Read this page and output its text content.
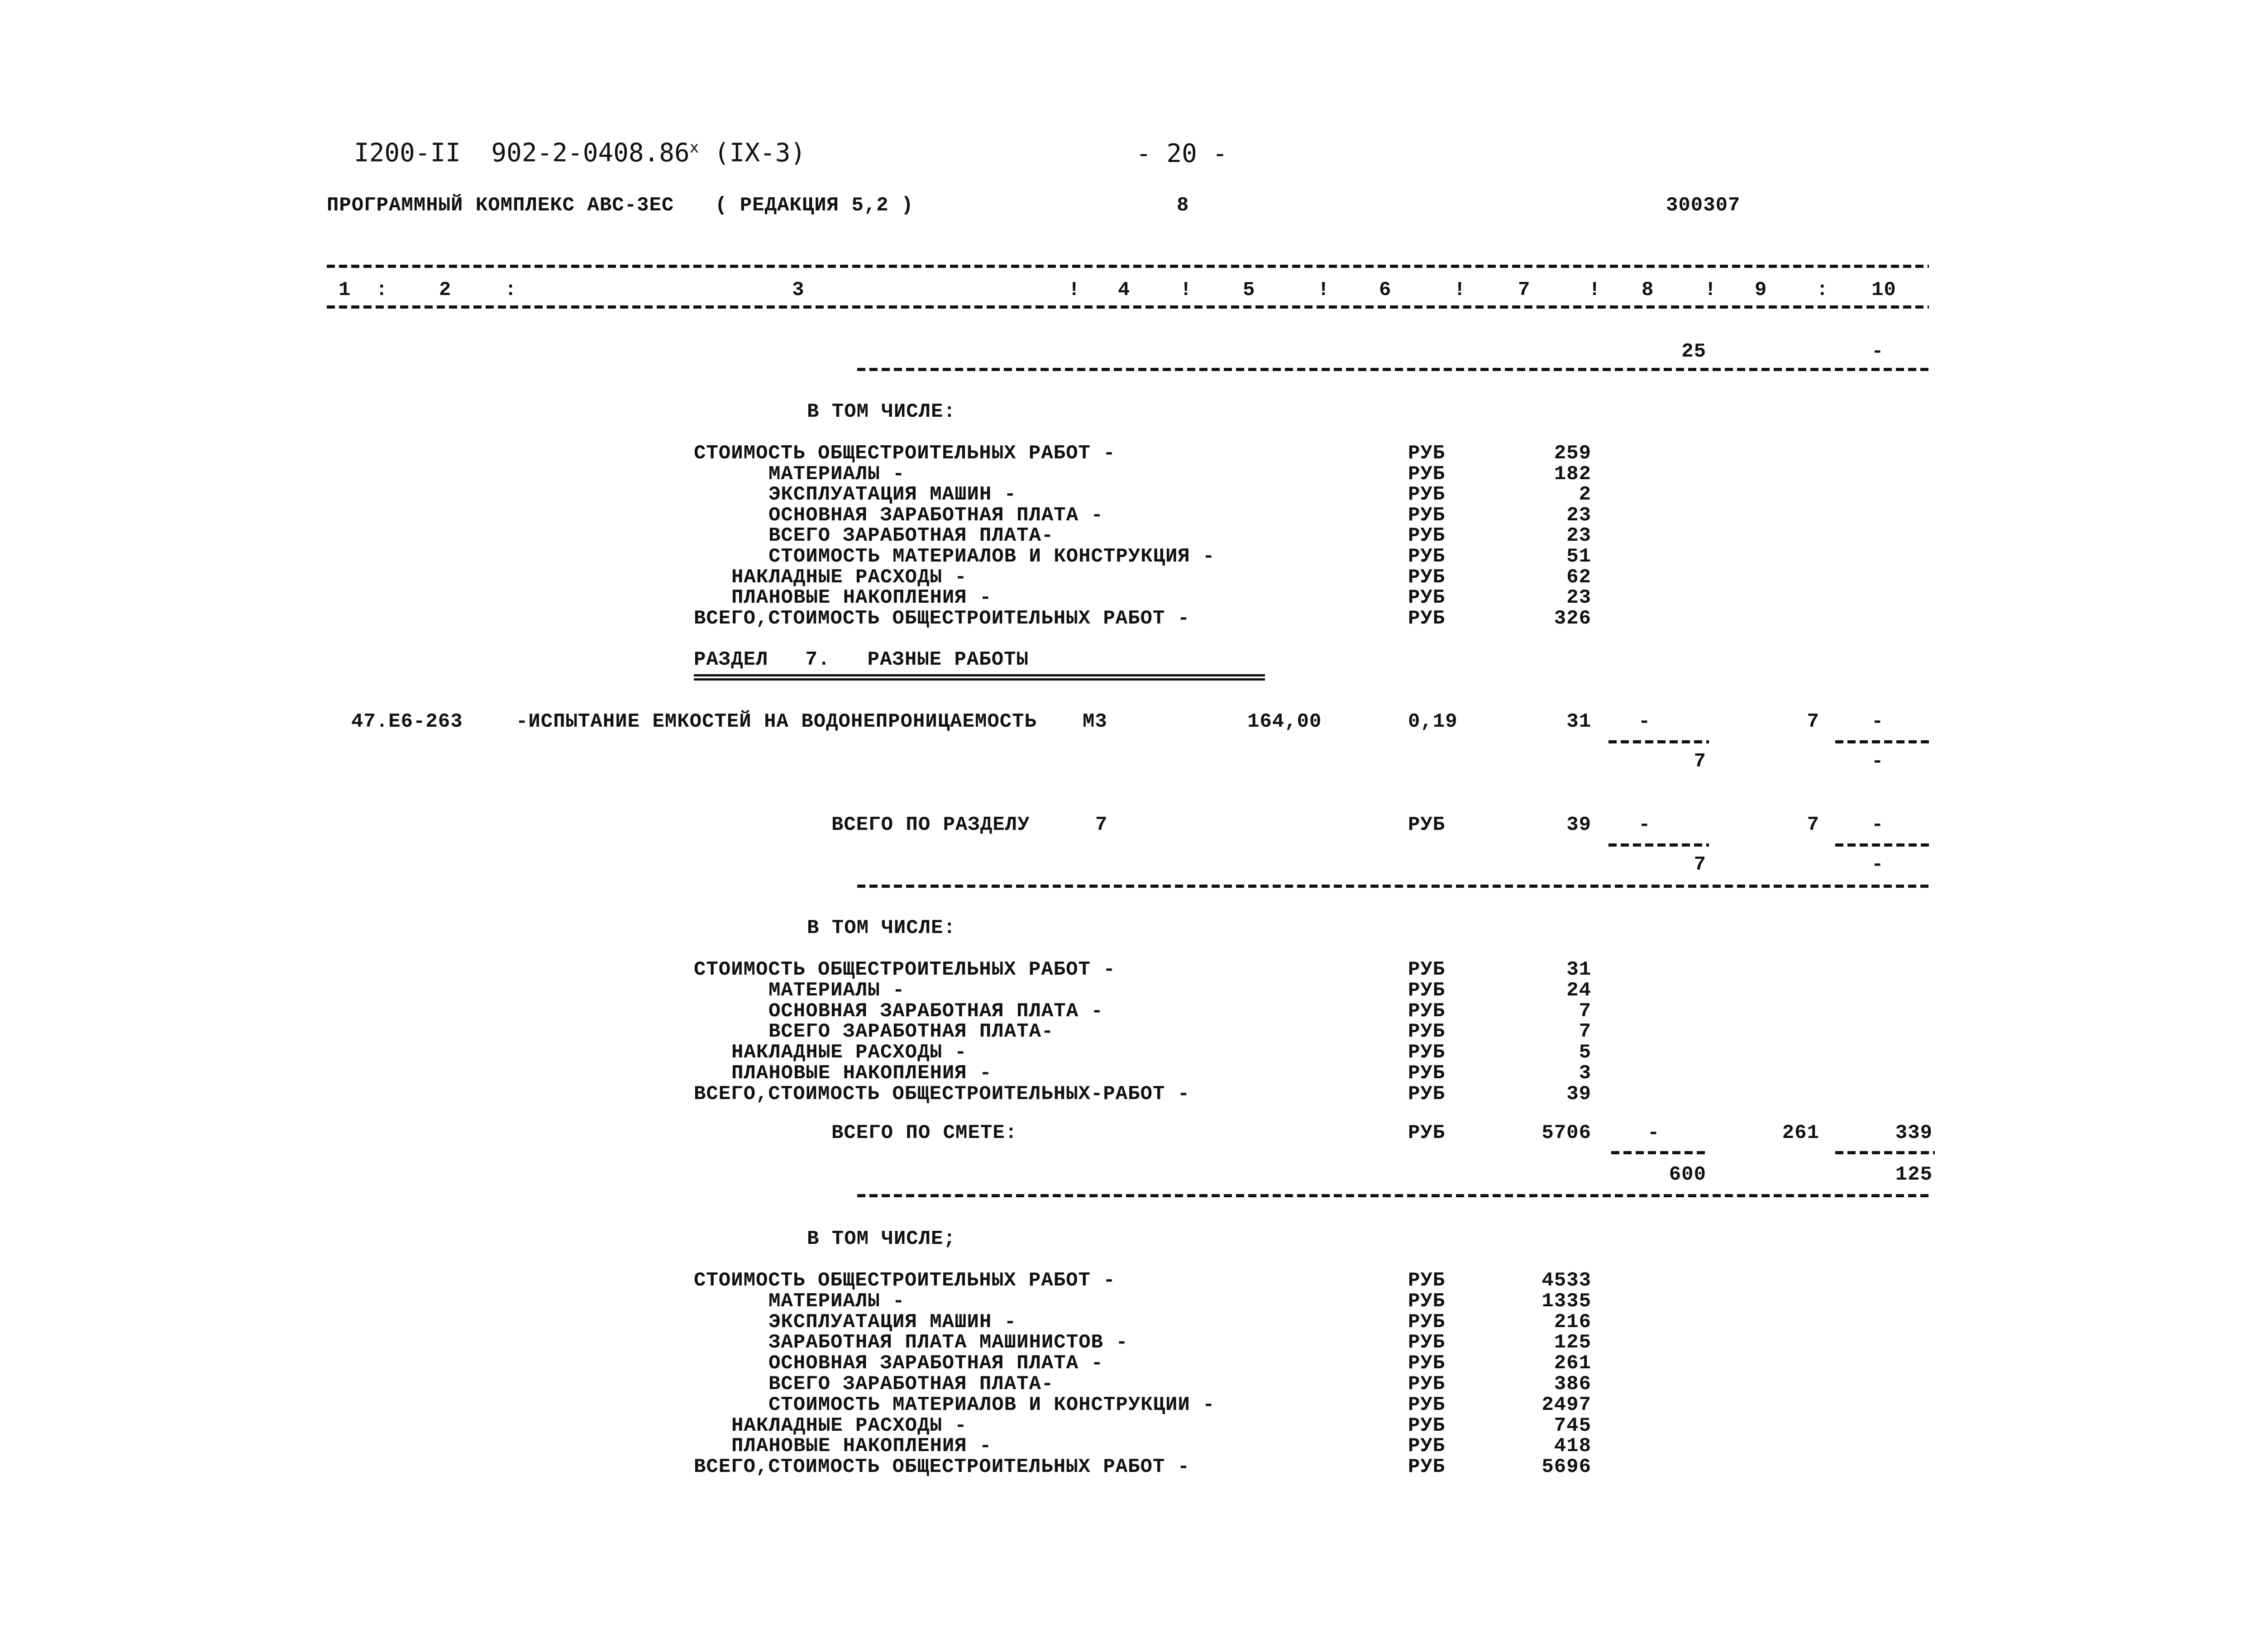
I200-II  902-2-0408.86$^x$ (IX-3)	- 20 -
ПРОГРАММНЫЙ КОМПЛЕКС АВС-3ЕС ( РЕДАКЦИЯ 5,2 )	8	300307
1 :	2	:	3	! 4 !	5	! 6	!	7	! 8	! 9 : 10
25	-
В ТОМ ЧИСЛЕ:
СТОИМОСТЬ ОБЩЕСТРОИТЕЛЬНЫХ РАБОТ -	РУБ	259
МАТЕРИАЛЫ -	РУБ	182
ЭКСПЛУАТАЦИЯ МАШИН -	РУБ	2
ОСНОВНАЯ ЗАРАБОТНАЯ ПЛАТА -	РУБ	23
ВСЕГО ЗАРАБОТНАЯ ПЛАТА-	РУБ	23
СТОИМОСТЬ МАТЕРИАЛОВ И КОНСТРУКЦИЯ -	РУБ	51
НАКЛАДНЫЕ РАСХОДЫ -	РУБ	62
ПЛАНОВЫЕ НАКОПЛЕНИЯ -	РУБ	23
ВСЕГО,СТОИМОСТЬ ОБЩЕСТРОИТЕЛЬНЫХ РАБОТ -	РУБ	326
РАЗДЕЛ   7.   РАЗНЫЕ РАБОТЫ
47.Е6-263	-ИСПЫТАНИЕ ЕМКОСТЕЙ НА ВОДОНЕПРОНИЦАЕМОСТЬ М3	164,00	0,19	31 -	7	-
7	-
ВСЕГО ПО РАЗДЕЛУ	7	РУБ	39 -	7	-
7	-
В ТОМ ЧИСЛЕ:
СТОИМОСТЬ ОБЩЕСТРОИТЕЛЬНЫХ РАБОТ -	РУБ	31
МАТЕРИАЛЫ -	РУБ	24
ОСНОВНАЯ ЗАРАБОТНАЯ ПЛАТА -	РУБ	7
ВСЕГО ЗАРАБОТНАЯ ПЛАТА-	РУБ	7
НАКЛАДНЫЕ РАСХОДЫ -	РУБ	5
ПЛАНОВЫЕ НАКОПЛЕНИЯ -	РУБ	3
ВСЕГО,СТОИМОСТЬ ОБЩЕСТРОИТЕЛЬНЫХ-РАБОТ -	РУБ	39
ВСЕГО ПО СМЕТЕ:	РУБ	5706	-	261	339
600	125
В ТОМ ЧИСЛЕ;
СТОИМОСТЬ ОБЩЕСТРОИТЕЛЬНЫХ РАБОТ -	РУБ	4533
МАТЕРИАЛЫ -	РУБ	1335
ЭКСПЛУАТАЦИЯ МАШИН -	РУБ	216
ЗАРАБОТНАЯ ПЛАТА МАШИНИСТОВ -	РУБ	125
ОСНОВНАЯ ЗАРАБОТНАЯ ПЛАТА -	РУБ	261
ВСЕГО ЗАРАБОТНАЯ ПЛАТА-	РУБ	386
СТОИМОСТЬ МАТЕРИАЛОВ И КОНСТРУКЦИИ -	РУБ	2497
НАКЛАДНЫЕ РАСХОДЫ -	РУБ	745
ПЛАНОВЫЕ НАКОПЛЕНИЯ -	РУБ	418
ВСЕГО,СТОИМОСТЬ ОБЩЕСТРОИТЕЛЬНЫХ РАБОТ -	РУБ	5696
